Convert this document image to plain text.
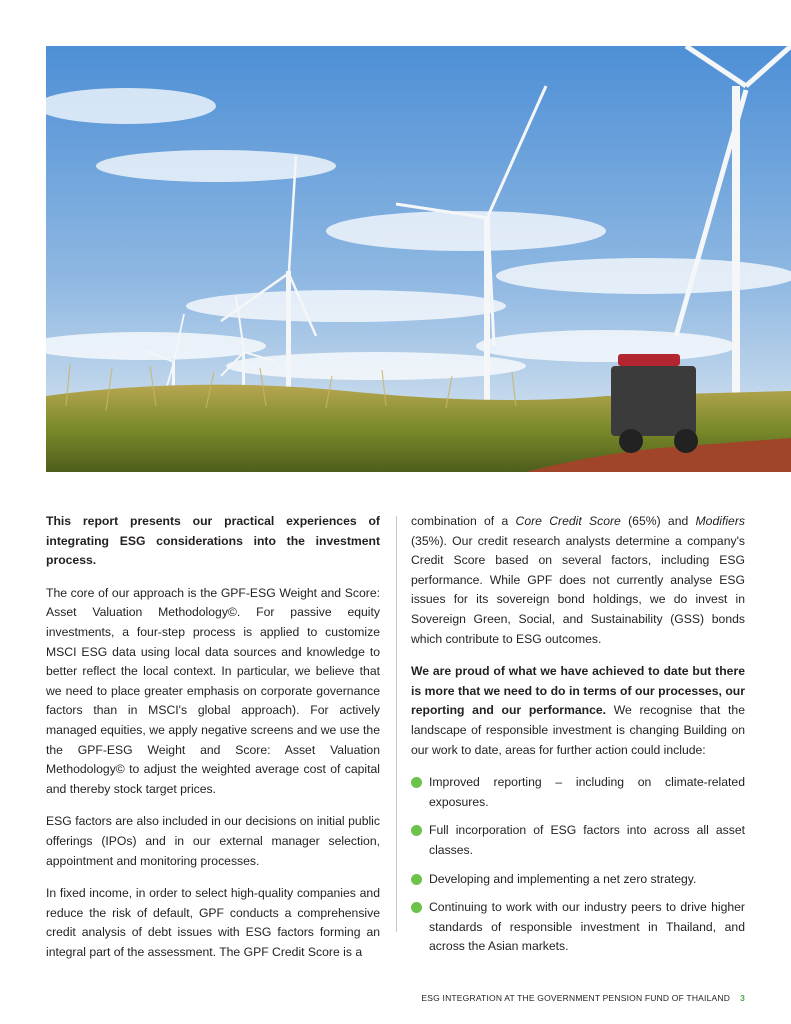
This report presents our practical experiences of integrating ESG considerations into the investment process.

The core of our approach is the GPF-ESG Weight and Score: Asset Valuation Methodology©. For passive equity investments, a four-step process is applied to customize MSCI ESG data using local data sources and knowledge to better reflect the local context. In particular, we believe that we need to place greater emphasis on corporate governance factors than in MSCI's global approach). For actively managed equities, we apply negative screens and we use the the GPF-ESG Weight and Score: Asset Valuation Methodology© to adjust the weighted average cost of capital and thereby stock target prices.

ESG factors are also included in our decisions on initial public offerings (IPOs) and in our external manager selection, appointment and monitoring processes.

In fixed income, in order to select high-quality companies and reduce the risk of default, GPF conducts a comprehensive credit analysis of debt issues with ESG factors forming an integral part of the assessment. The GPF Credit Score is a

combination of a Core Credit Score (65%) and Modifiers (35%). Our credit research analysts determine a company's Credit Score based on several factors, including ESG performance. While GPF does not currently analyse ESG issues for its sovereign bond holdings, we do invest in Sovereign Green, Social, and Sustainability (GSS) bonds which contribute to ESG outcomes.

We are proud of what we have achieved to date but there is more that we need to do in terms of our processes, our reporting and our performance. We recognise that the landscape of responsible investment is changing Building on our work to date, areas for further action could include:

Improved reporting – including on climate-related exposures.
Full incorporation of ESG factors into across all asset classes.
Developing and implementing a net zero strategy.
Continuing to work with our industry peers to drive higher standards of responsible investment in Thailand, and across the Asian markets.
ESG INTEGRATION AT THE GOVERNMENT PENSION FUND OF THAILAND 3
